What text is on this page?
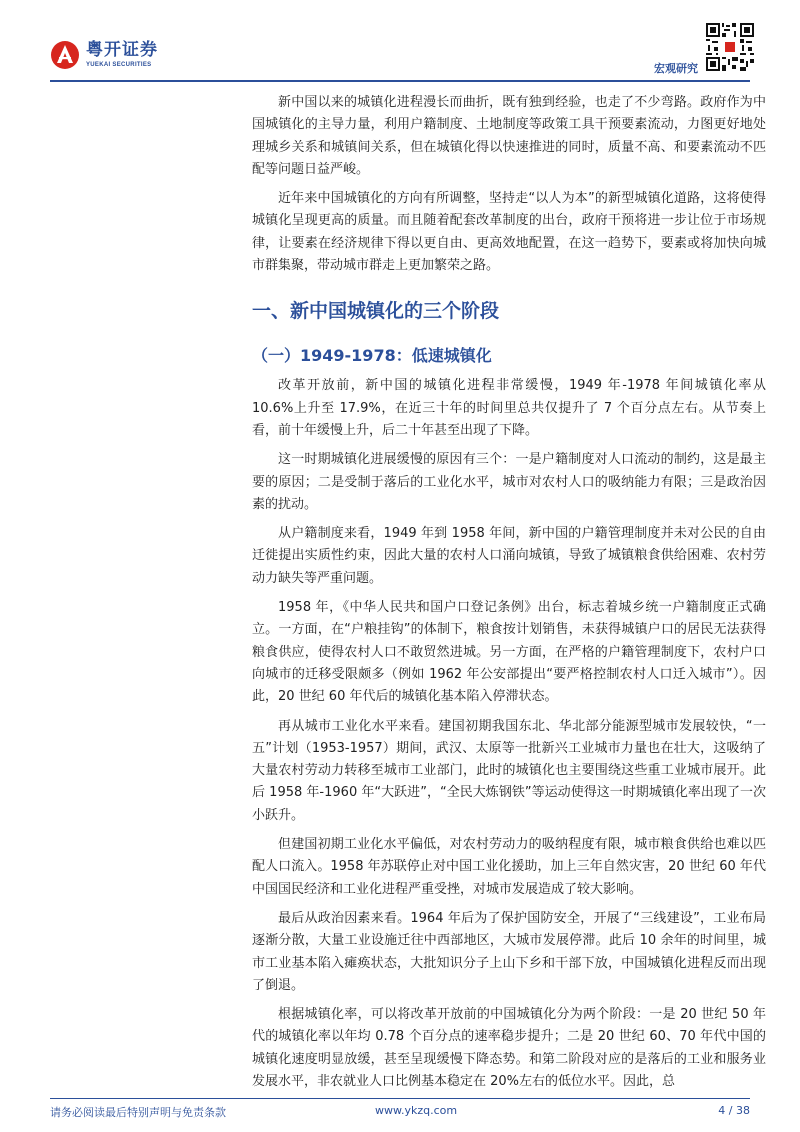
粤开证券
YUEKAI SECURITIES	宏观研究

新中国以来的城镇化进程漫长而曲折，既有独到经验，也走了不少弯路。政府作为中国城镇化的主导力量，利用户籍制度、土地制度等政策工具干预要素流动，力图更好地处理城乡关系和城镇间关系，但在城镇化得以快速推进的同时，质量不高、和要素流动不匹配等问题日益严峻。

近年来中国城镇化的方向有所调整，坚持走“以人为本”的新型城镇化道路，这将使得城镇化呈现更高的质量。而且随着配套改革制度的出台，政府干预将进一步让位于市场规律，让要素在经济规律下得以更自由、更高效地配置，在这一趋势下，要素或将加快向城市群集聚，带动城市群走上更加繁荣之路。

一、新中国城镇化的三个阶段
（一）1949-1978：低速城镇化

改革开放前，新中国的城镇化进程非常缓慢，1949 年-1978 年间城镇化率从 10.6%上升至 17.9%，在近三十年的时间里总共仅提升了 7 个百分点左右。从节奏上看，前十年缓慢上升，后二十年甚至出现了下降。

这一时期城镇化进展缓慢的原因有三个：一是户籍制度对人口流动的制约，这是最主要的原因；二是受制于落后的工业化水平，城市对农村人口的吸纳能力有限；三是政治因素的扰动。

从户籍制度来看，1949 年到 1958 年间，新中国的户籍管理制度并未对公民的自由迁徙提出实质性约束，因此大量的农村人口涌向城镇，导致了城镇粮食供给困难、农村劳动力缺失等严重问题。

1958 年，《中华人民共和国户口登记条例》出台，标志着城乡统一户籍制度正式确立。一方面，在“户粮挂钩”的体制下，粮食按计划销售，未获得城镇户口的居民无法获得粮食供应，使得农村人口不敢贸然进城。另一方面，在严格的户籍管理制度下，农村户口向城市的迁移受限颇多（例如 1962 年公安部提出“要严格控制农村人口迁入城市”）。因此，20 世纪 60 年代后的城镇化基本陷入停滞状态。

再从城市工业化水平来看。建国初期我国东北、华北部分能源型城市发展较快，“一五”计划（1953-1957）期间，武汉、太原等一批新兴工业城市力量也在壮大，这吸纳了大量农村劳动力转移至城市工业部门，此时的城镇化也主要围绕这些重工业城市展开。此后 1958 年-1960 年“大跃进”，“全民大炼钢铁”等运动使得这一时期城镇化率出现了一次小跃升。

但建国初期工业化水平偏低，对农村劳动力的吸纳程度有限，城市粮食供给也难以匹配人口流入。1958 年苏联停止对中国工业化援助，加上三年自然灾害，20 世纪 60 年代中国国民经济和工业化进程严重受挫，对城市发展造成了较大影响。

最后从政治因素来看。1964 年后为了保护国防安全，开展了“三线建设”，工业布局逐渐分散，大量工业设施迁往中西部地区，大城市发展停滞。此后 10 余年的时间里，城市工业基本陷入瘫痪状态，大批知识分子上山下乡和干部下放，中国城镇化进程反而出现了倒退。

根据城镇化率，可以将改革开放前的中国城镇化分为两个阶段：一是 20 世纪 50 年代的城镇化率以年均 0.78 个百分点的速率稳步提升；二是 20 世纪 60、70 年代中国的城镇化速度明显放缓，甚至呈现缓慢下降态势。和第二阶段对应的是落后的工业和服务业发展水平，非农就业人口比例基本稳定在 20%左右的低位水平。因此，总

请务必阅读最后特别声明与免责条款	www.ykzq.com	4 / 38
